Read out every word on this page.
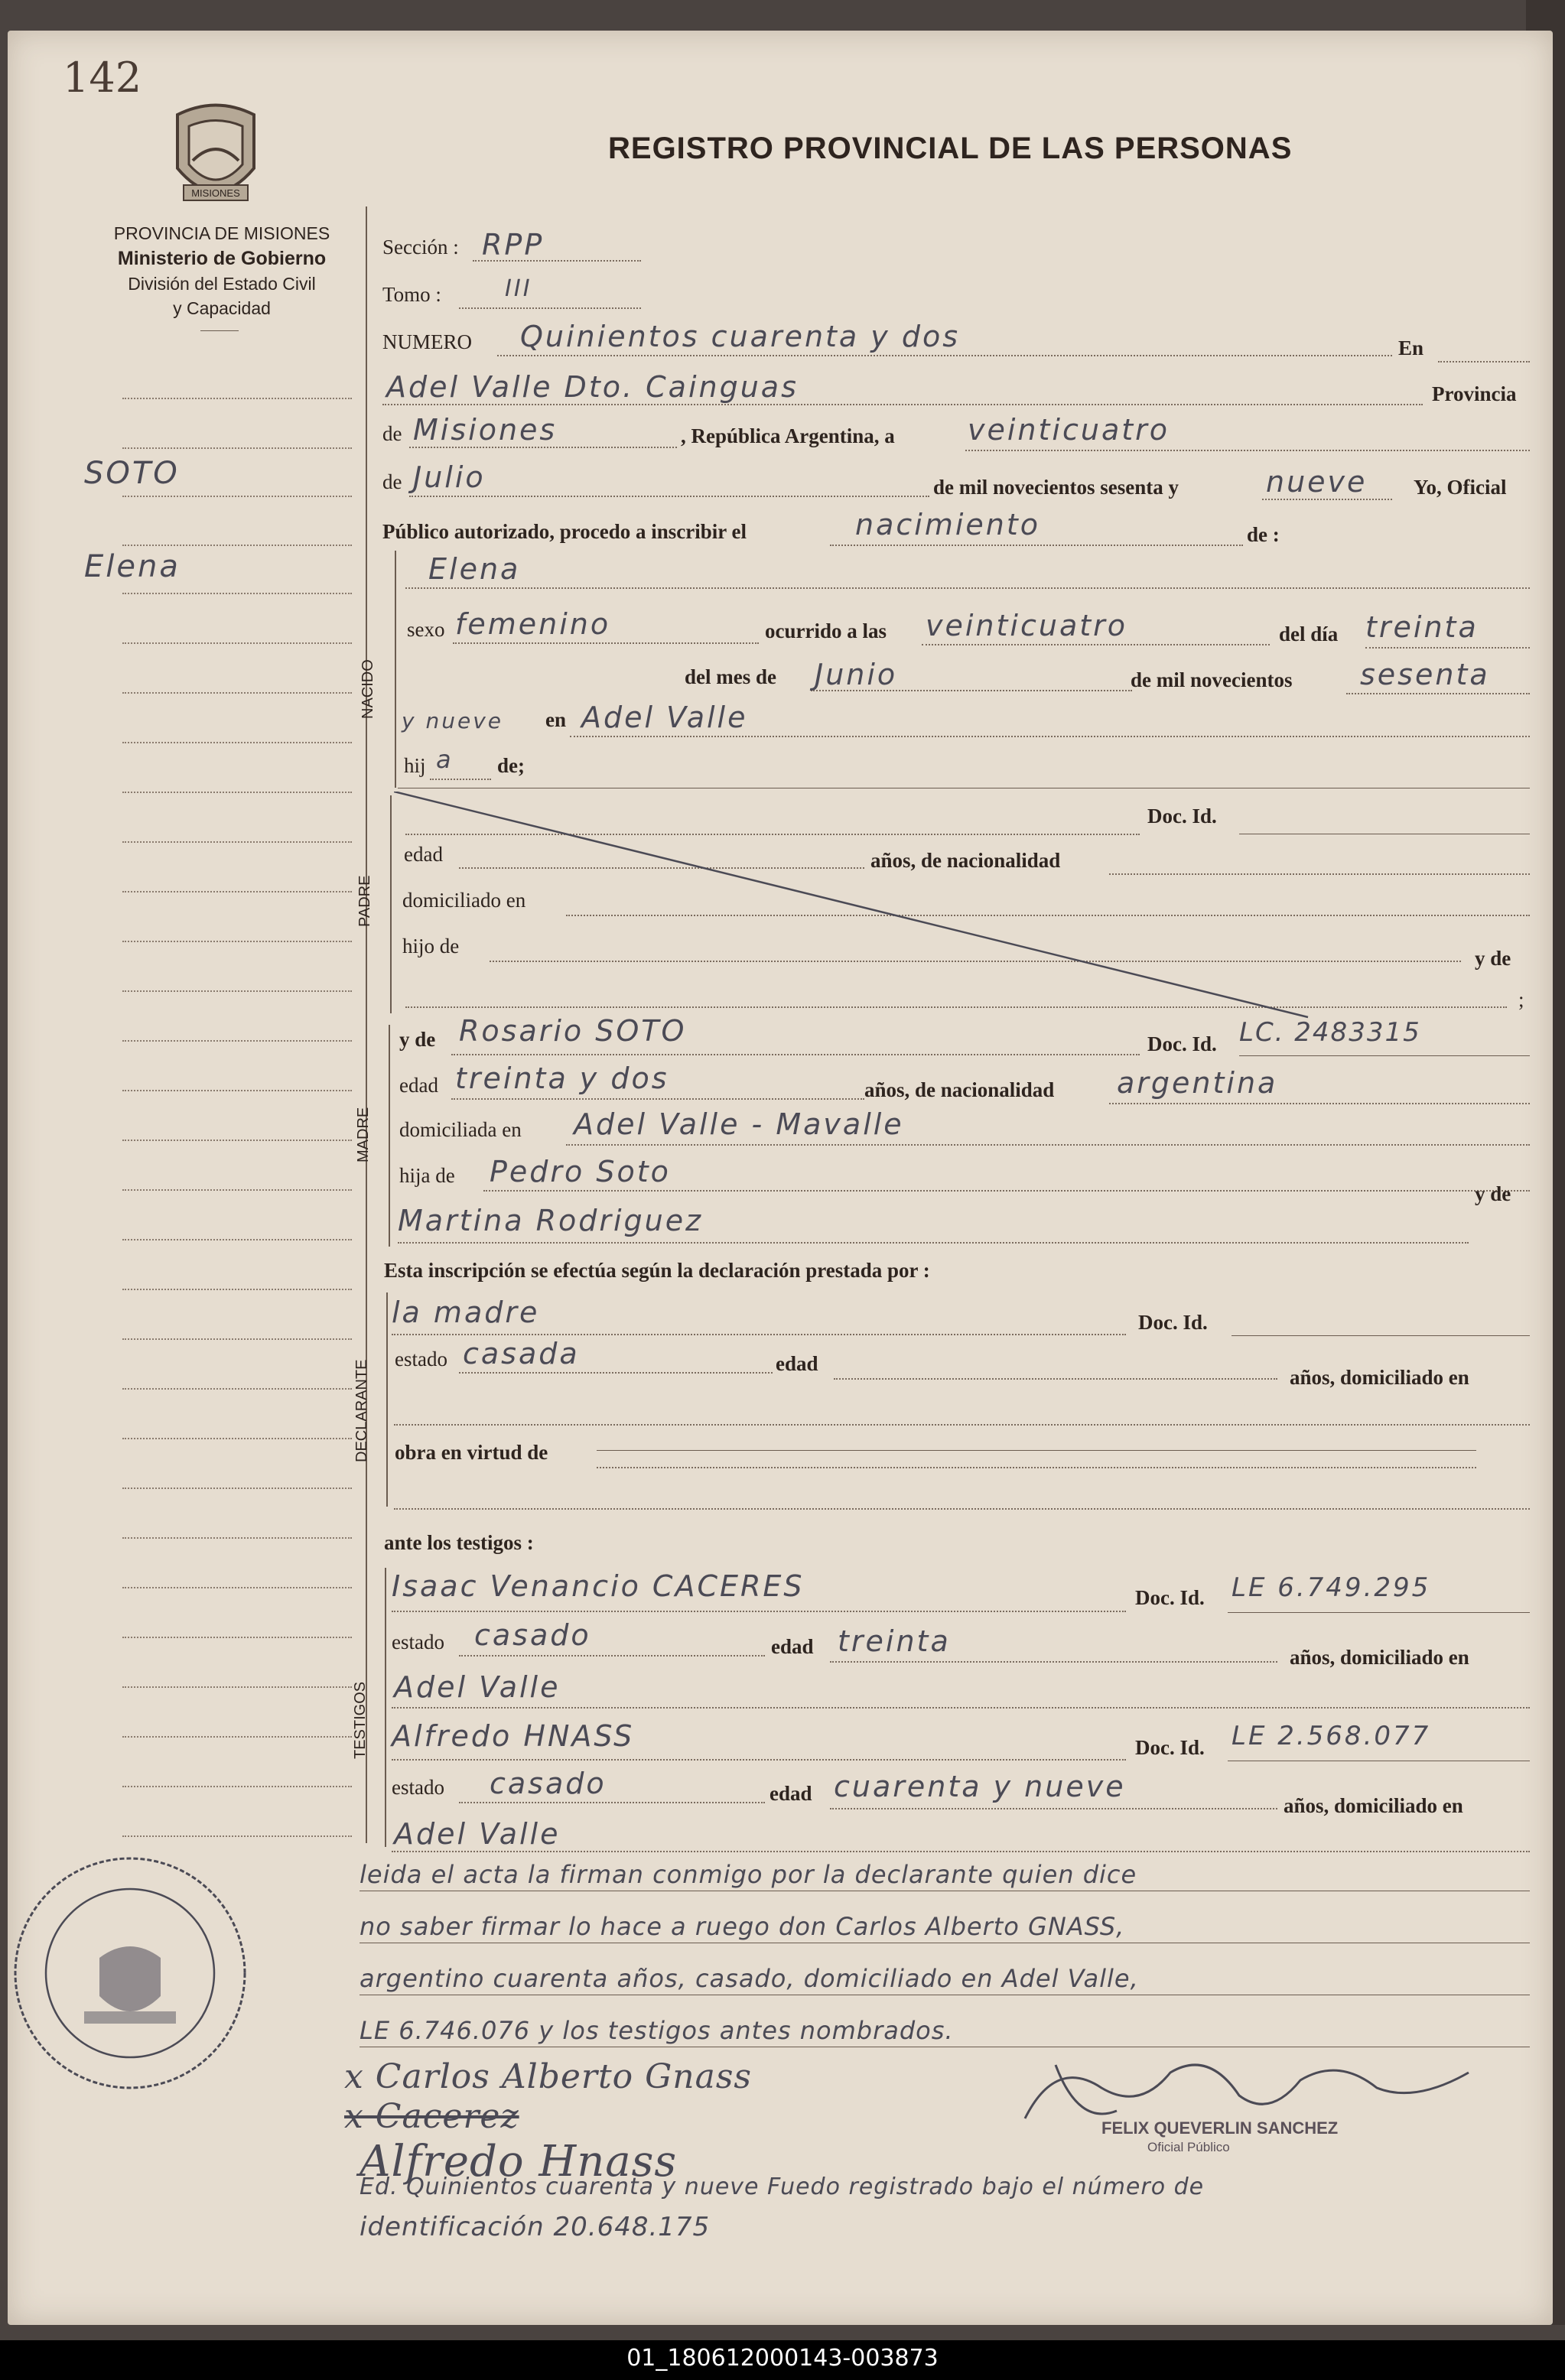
142
MISIONES
PROVINCIA DE MISIONES
Ministerio de Gobierno
División del Estado Civil
y Capacidad
REGISTRO PROVINCIAL DE LAS PERSONAS
SOTO
Elena
Sección : RPP
Tomo :	III
NUMERO Quinientos cuarenta y dos	En
Adel Valle Dto. Cainguas	Provincia
de Misiones	, República Argentina, a	veinticuatro
de Julio	de mil novecientos sesenta y	nueve Yo, Oficial
Público autorizado, procedo a inscribir el	nacimiento	de :
NACIDO
Elena
sexo femenino	ocurrido a las veinticuatro	del día treinta
del mes de Junio	de mil novecientos sesenta
y nueve en Adel Valle
hij a de;
PADRE
Doc. Id.
edad	años, de nacionalidad
domiciliado en
hijo de
y de
;
MADRE
y de Rosario SOTO	Doc. Id. LC. 2483315
edad treinta y dos	años, de nacionalidad argentina
domiciliada en Adel Valle - Mavalle
hija de Pedro Soto
Martina Rodriguez
y de
Esta inscripción se efectúa según la declaración prestada por :
DECLARANTE
la madre	Doc. Id.
estado casada	edad
años, domiciliado en
obra en virtud de
ante los testigos :
TESTIGOS
Isaac Venancio CACERES	Doc. Id. LE 6.749.295
estado casado	edad treinta	años, domiciliado en
Adel Valle
Alfredo HNASS	Doc. Id. LE 2.568.077
estado casado	edad cuarenta y nueve
años, domiciliado en
Adel Valle
leida el acta la firman conmigo por la declarante quien dice
no saber firmar lo hace a ruego don Carlos Alberto GNASS,
argentino cuarenta años, casado, domiciliado en Adel Valle,
LE 6.746.076 y los testigos antes nombrados.
x Carlos Alberto Gnass
x Cacerez
Alfredo Hnass
FELIX QUEVERLIN SANCHEZ
Oficial Público
Ed. Quinientos cuarenta y nueve Fuedo registrado bajo el número de
identificación 20.648.175
01_180612000143-003873
